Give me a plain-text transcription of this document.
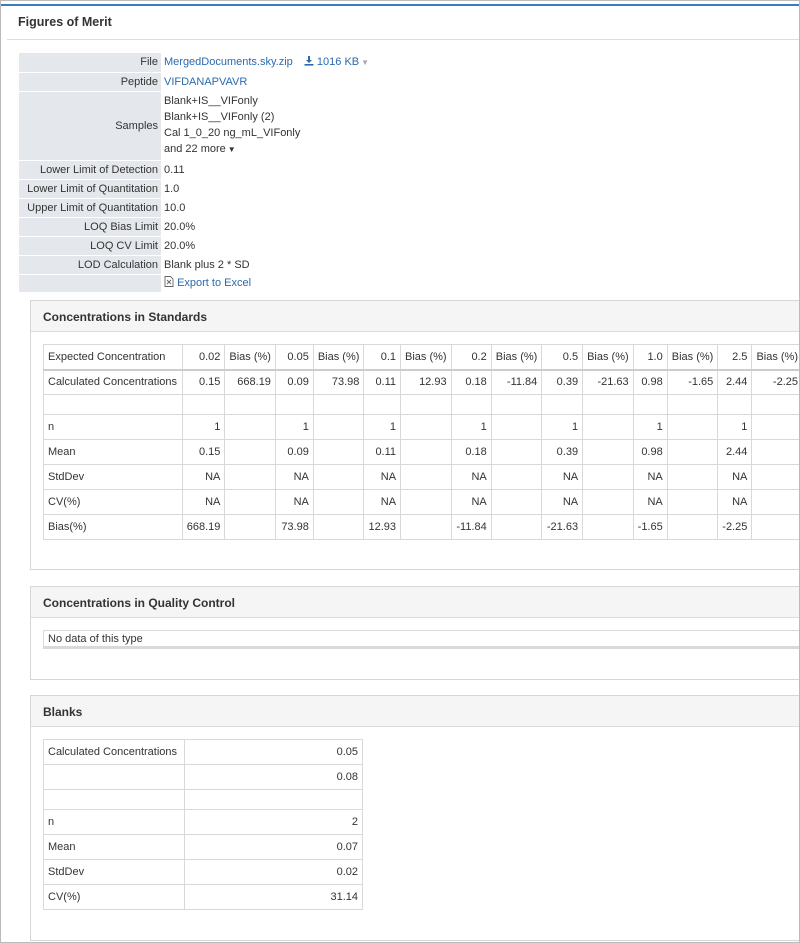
Figures of Merit
File	MergedDocuments.sky.zip 1016 KB ▼
Peptide	VIFDANAPVAVR
Samples	Blank+IS__VIFonly
Blank+IS__VIFonly (2)
Cal 1_0_20 ng_mL_VIFonly
and 22 more ▼

Lower Limit of Detection	0.11
Lower Limit of Quantitation	1.0
Upper Limit of Quantitation	10.0
LOQ Bias Limit	20.0%
LOQ CV Limit	20.0%
LOD Calculation	Blank plus 2 * SD
	Export to Excel
Concentrations in Standards
Expected Concentration	0.02	Bias (%)	0.05	Bias (%)	0.1	Bias (%)	0.2	Bias (%)	0.5	Bias (%)	1.0	Bias (%)	2.5	Bias (%)
Calculated Concentrations	0.15	668.19	0.09	73.98	0.11	12.93	0.18	-11.84	0.39	-21.63	0.98	-1.65	2.44	-2.25

n	1		1		1		1		1		1		1	
Mean	0.15		0.09		0.11		0.18		0.39		0.98		2.44	
StdDev	NA		NA		NA		NA		NA		NA		NA	
CV(%)	NA		NA		NA		NA		NA		NA		NA	
Bias(%)	668.19		73.98		12.93		-11.84		-21.63		-1.65		-2.25	
Concentrations in Quality Control
No data of this type
Blanks
Calculated Concentrations	0.05
	0.08

n	2
Mean	0.07
StdDev	0.02
CV(%)	31.14
